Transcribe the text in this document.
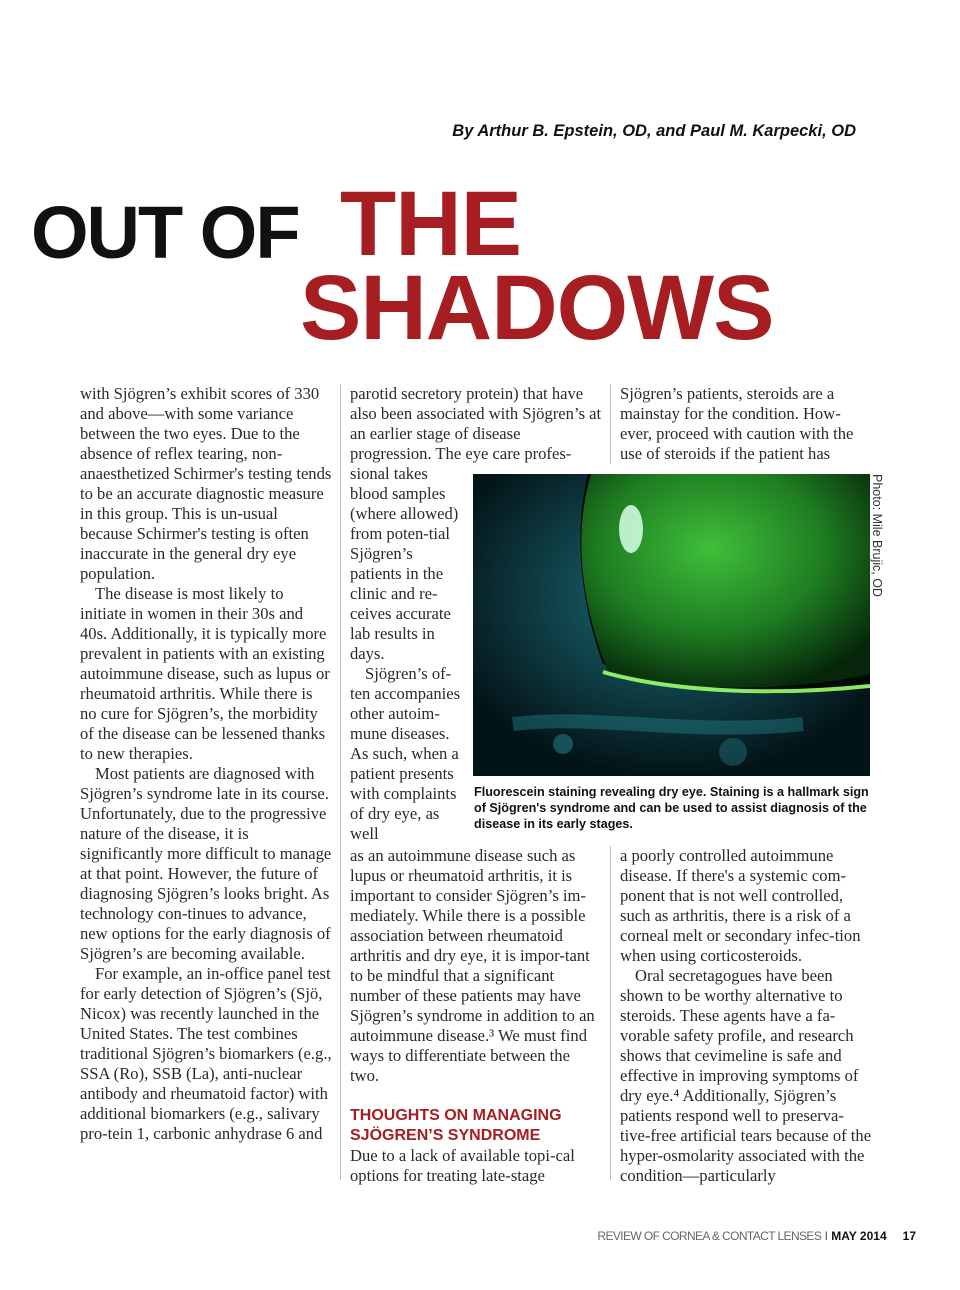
By Arthur B. Epstein, OD, and Paul M. Karpecki, OD
OUT OF THE
SHADOWS

with Sjögren’s exhibit scores of 330 and above—with some variance between the two eyes. Due to the absence of reflex tearing, non-anaesthetized Schirmer's testing tends to be an accurate diagnostic measure in this group. This is un-usual because Schirmer's testing is often inaccurate in the general dry eye population.

The disease is most likely to initiate in women in their 30s and 40s. Additionally, it is typically more prevalent in patients with an existing autoimmune disease, such as lupus or rheumatoid arthritis. While there is no cure for Sjögren’s, the morbidity of the disease can be lessened thanks to new therapies.

Most patients are diagnosed with Sjögren’s syndrome late in its course. Unfortunately, due to the progressive nature of the disease, it is significantly more difficult to manage at that point. However, the future of diagnosing Sjögren’s looks bright. As technology con-tinues to advance, new options for the early diagnosis of Sjögren’s are becoming available.

For example, an in-office panel test for early detection of Sjögren’s (Sjö, Nicox) was recently launched in the United States. The test combines traditional Sjögren’s biomarkers (e.g., SSA (Ro), SSB (La), anti-nuclear antibody and rheumatoid factor) with additional biomarkers (e.g., salivary pro-tein 1, carbonic anhydrase 6 and

parotid secretory protein) that have also been associated with Sjögren’s at an earlier stage of disease progression. The eye care profes-

sional takes blood samples (where allowed) from poten-tial Sjögren’s patients in the clinic and re-ceives accurate lab results in days.

Sjögren’s of-ten accompanies other autoim-mune diseases. As such, when a patient presents with complaints of dry eye, as well

as an autoimmune disease such as lupus or rheumatoid arthritis, it is important to consider Sjögren’s im-mediately. While there is a possible association between rheumatoid arthritis and dry eye, it is impor-tant to be mindful that a significant number of these patients may have Sjögren’s syndrome in addition to an autoimmune disease.³ We must find ways to differentiate between the two.

THOUGHTS ON MANAGING SJÖGREN’S SYNDROME

Due to a lack of available topi-cal options for treating late-stage

Sjögren’s patients, steroids are a mainstay for the condition. How-ever, proceed with caution with the use of steroids if the patient has

a poorly controlled autoimmune disease. If there's a systemic com-ponent that is not well controlled, such as arthritis, there is a risk of a corneal melt or secondary infec-tion when using corticosteroids.

Oral secretagogues have been shown to be worthy alternative to steroids. These agents have a fa-vorable safety profile, and research shows that cevimeline is safe and effective in improving symptoms of dry eye.⁴ Additionally, Sjögren’s patients respond well to preserva-tive-free artificial tears because of the hyper-osmolarity associated with the condition—particularly

Photo: Mile Brujic, OD
Fluorescein staining revealing dry eye. Staining is a hallmark sign of Sjögren's syndrome and can be used to assist diagnosis of the disease in its early stages.
REVIEW OF CORNEA & CONTACT LENSES I MAY 2014 17
